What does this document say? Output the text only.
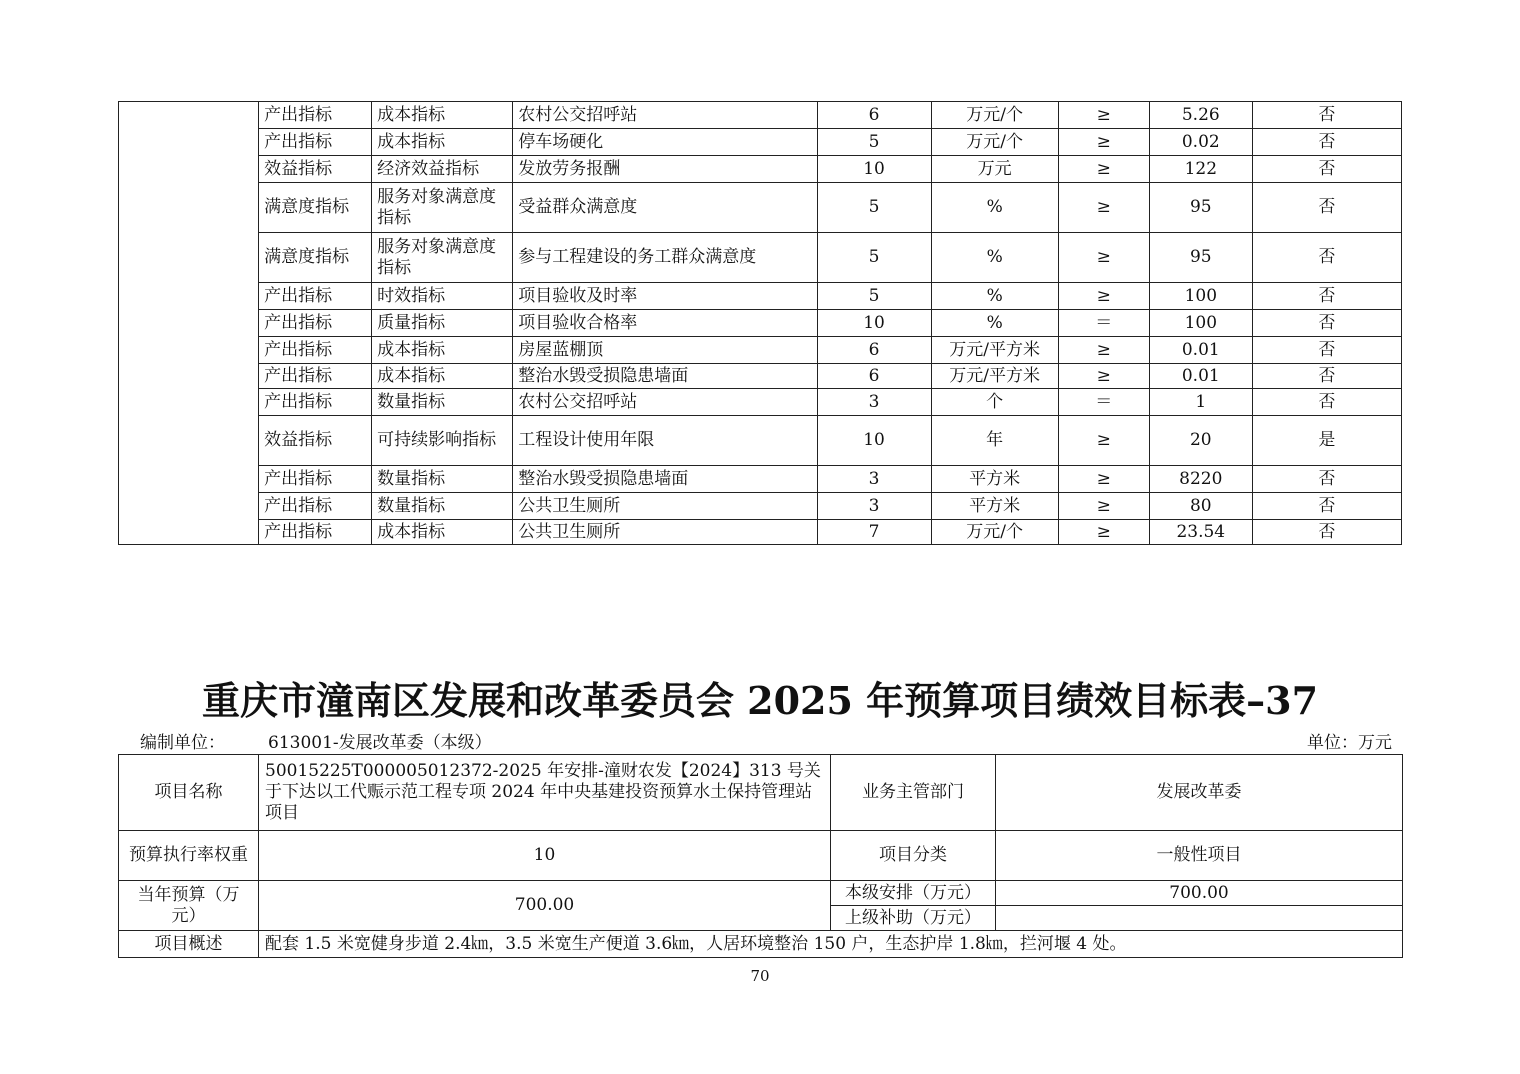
	产出指标	成本指标	农村公交招呼站	6	万元/个	≥	5.26	否
	产出指标	成本指标	停车场硬化	5	万元/个	≥	0.02	否
	效益指标	经济效益指标	发放劳务报酬	10	万元	≥	122	否
	满意度指标	服务对象满意度指标	受益群众满意度	5	%	≥	95	否
	满意度指标	服务对象满意度指标	参与工程建设的务工群众满意度	5	%	≥	95	否
	产出指标	时效指标	项目验收及时率	5	%	≥	100	否
	产出指标	质量指标	项目验收合格率	10	%	＝	100	否
	产出指标	成本指标	房屋蓝棚顶	6	万元/平方米	≥	0.01	否
	产出指标	成本指标	整治水毁受损隐患墙面	6	万元/平方米	≥	0.01	否
	产出指标	数量指标	农村公交招呼站	3	个	＝	1	否
	效益指标	可持续影响指标	工程设计使用年限	10	年	≥	20	是
	产出指标	数量指标	整治水毁受损隐患墙面	3	平方米	≥	8220	否
	产出指标	数量指标	公共卫生厕所	3	平方米	≥	80	否
	产出指标	成本指标	公共卫生厕所	7	万元/个	≥	23.54	否
重庆市潼南区发展和改革委员会 2025 年预算项目绩效目标表–37
编制单位：	613001-发展改革委（本级）	单位：万元
项目名称	50015225T000005012372-2025 年安排-潼财农发【2024】313 号关于下达以工代赈示范工程专项 2024 年中央基建投资预算水土保持管理站项目	业务主管部门	发展改革委
预算执行率权重	10	项目分类	一般性项目
当年预算（万元）	700.00	本级安排（万元）	700.00
		上级补助（万元）	
项目概述	配套 1.5 米宽健身步道 2.4㎞，3.5 米宽生产便道 3.6㎞，人居环境整治 150 户，生态护岸 1.8㎞，拦河堰 4 处。		
70
